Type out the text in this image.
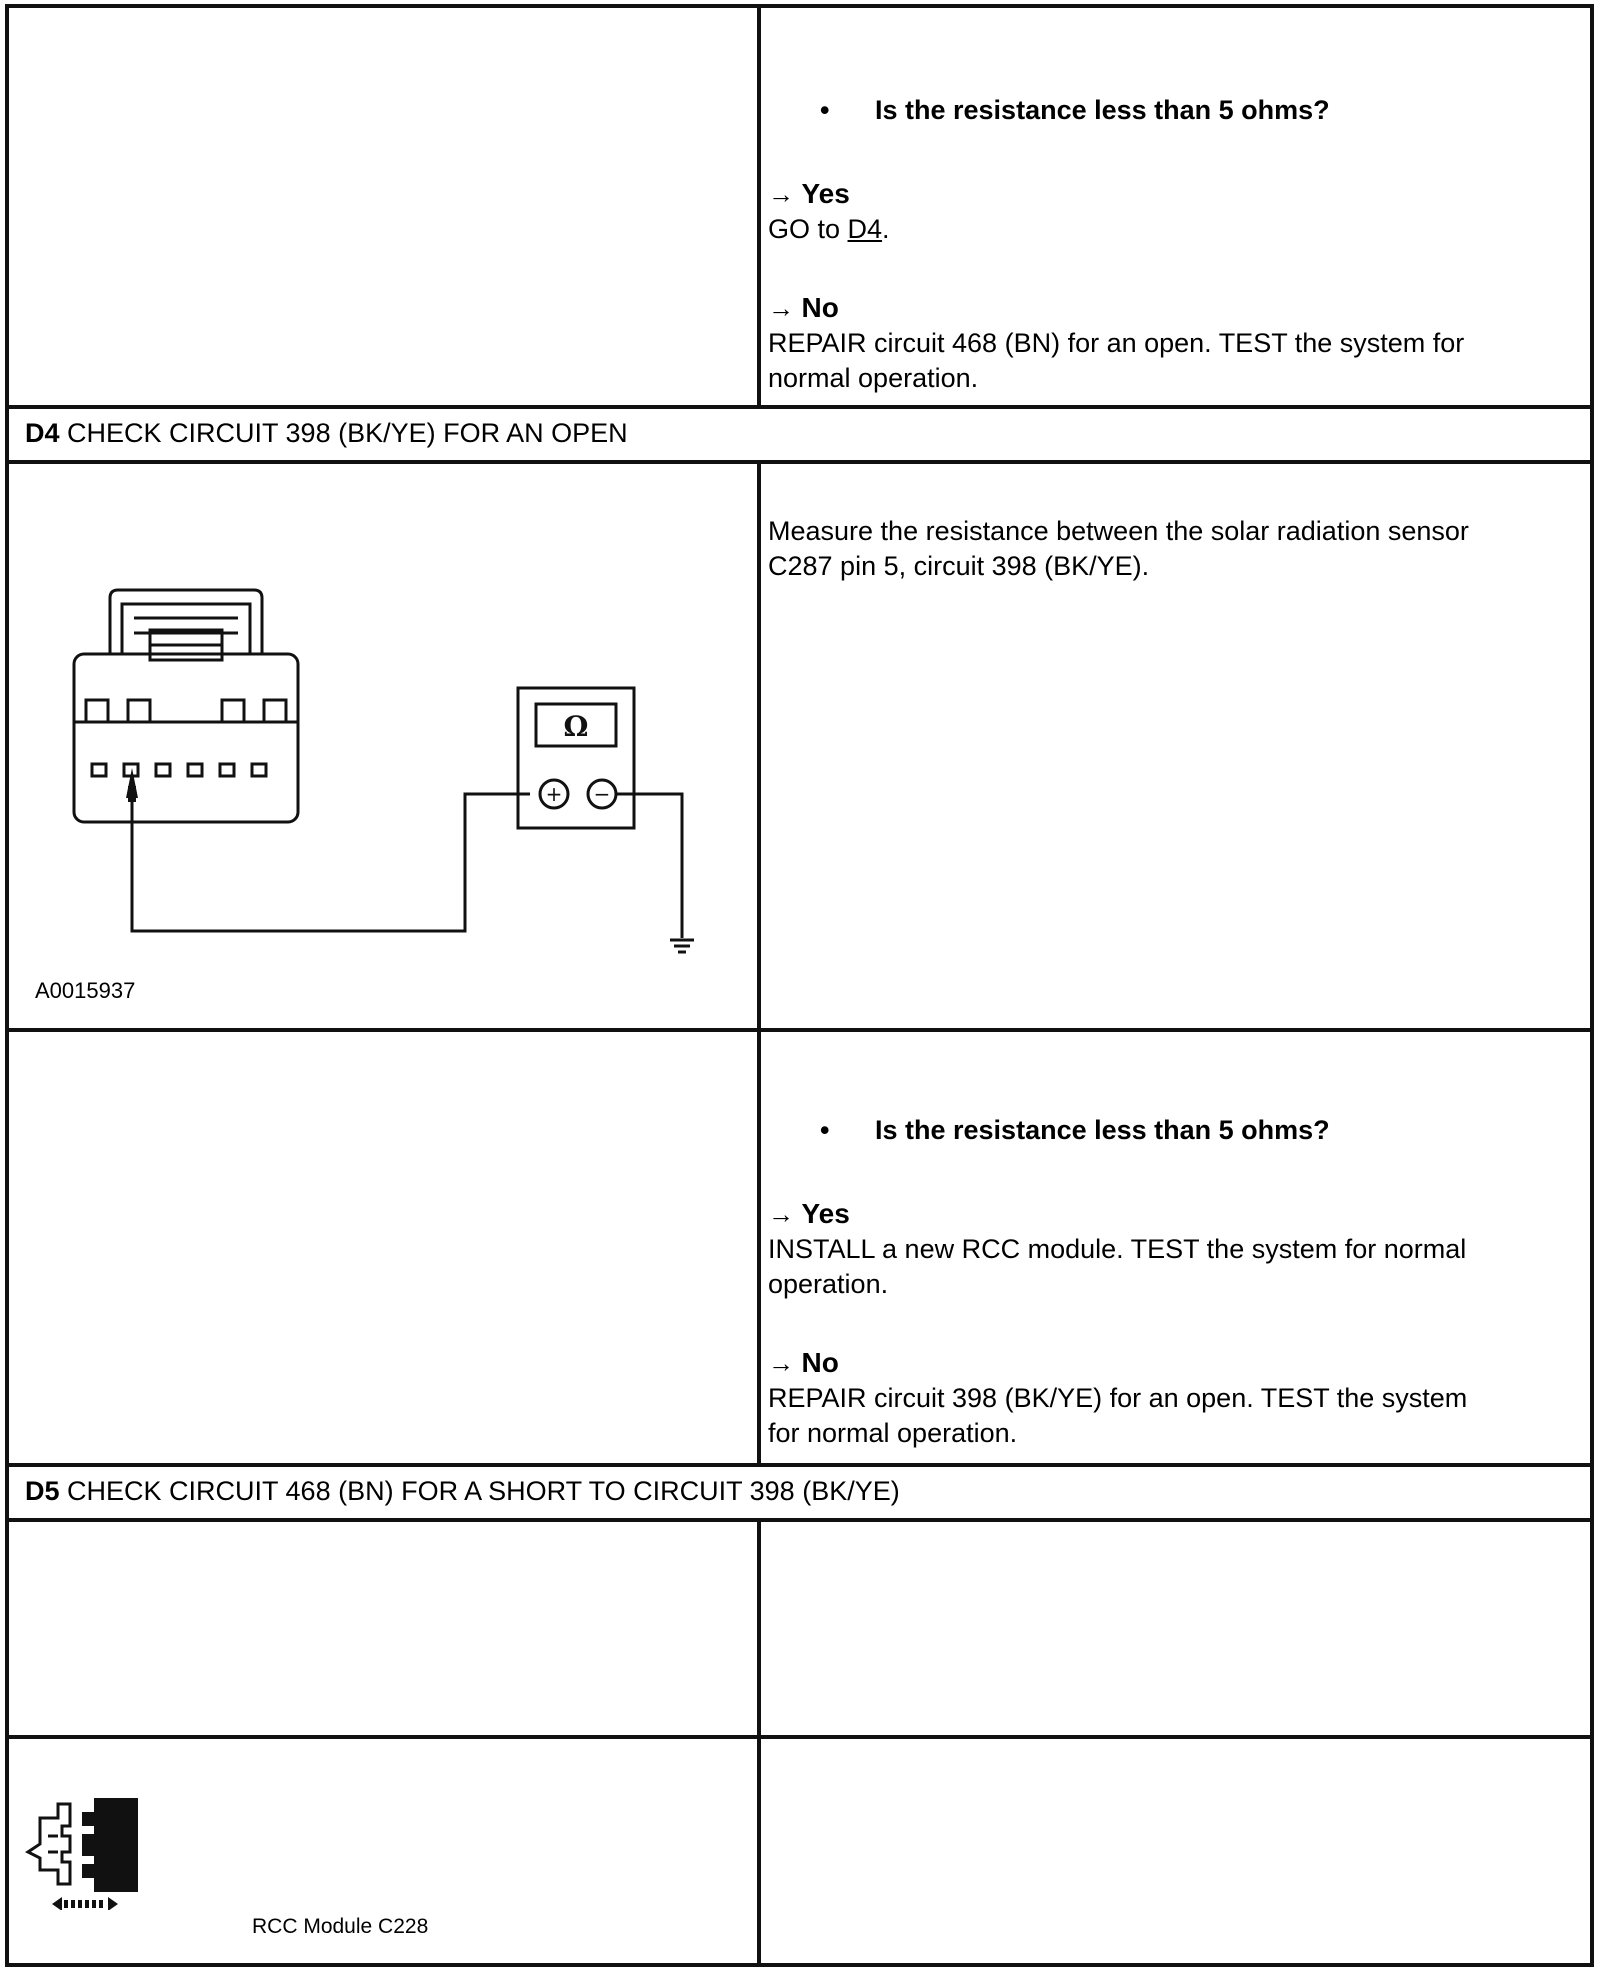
• Is the resistance less than 5 ohms?
→ Yes
GO to D4.
→ No
REPAIR circuit 468 (BN) for an open. TEST the system for
normal operation.
D4 CHECK CIRCUIT 398 (BK/YE) FOR AN OPEN
Ω
+ −
A0015937
Measure the resistance between the solar radiation sensor
C287 pin 5, circuit 398 (BK/YE).
• Is the resistance less than 5 ohms?
→ Yes
INSTALL a new RCC module. TEST the system for normal
operation.
→ No
REPAIR circuit 398 (BK/YE) for an open. TEST the system
for normal operation.
D5 CHECK CIRCUIT 468 (BN) FOR A SHORT TO CIRCUIT 398 (BK/YE)
RCC Module C228
